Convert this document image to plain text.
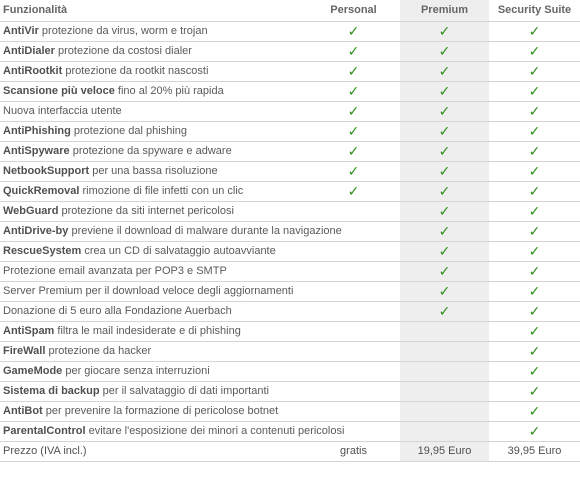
Funzionalità	Personal	Premium	Security Suite
AntiVir protezione da virus, worm e trojan	✓	✓	✓
AntiDialer protezione da costosi dialer	✓	✓	✓
AntiRootkit protezione da rootkit nascosti	✓	✓	✓
Scansione più veloce fino al 20% più rapida	✓	✓	✓
Nuova interfaccia utente	✓	✓	✓
AntiPhishing protezione dal phishing	✓	✓	✓
AntiSpyware protezione da spyware e adware	✓	✓	✓
NetbookSupport per una bassa risoluzione	✓	✓	✓
QuickRemoval rimozione di file infetti con un clic	✓	✓	✓
WebGuard protezione da siti internet pericolosi		✓	✓
AntiDrive-by previene il download di malware durante la navigazione		✓	✓
RescueSystem crea un CD di salvataggio autoavviante		✓	✓
Protezione email avanzata per POP3 e SMTP		✓	✓
Server Premium per il download veloce degli aggiornamenti		✓	✓
Donazione di 5 euro alla Fondazione Auerbach		✓	✓
AntiSpam filtra le mail indesiderate e di phishing			✓
FireWall protezione da hacker			✓
GameMode per giocare senza interruzioni			✓
Sistema di backup per il salvataggio di dati importanti			✓
AntiBot per prevenire la formazione di pericolose botnet			✓
ParentalControl evitare l'esposizione dei minori a contenuti pericolosi			✓
Prezzo (IVA incl.)	gratis	19,95 Euro	39,95 Euro
